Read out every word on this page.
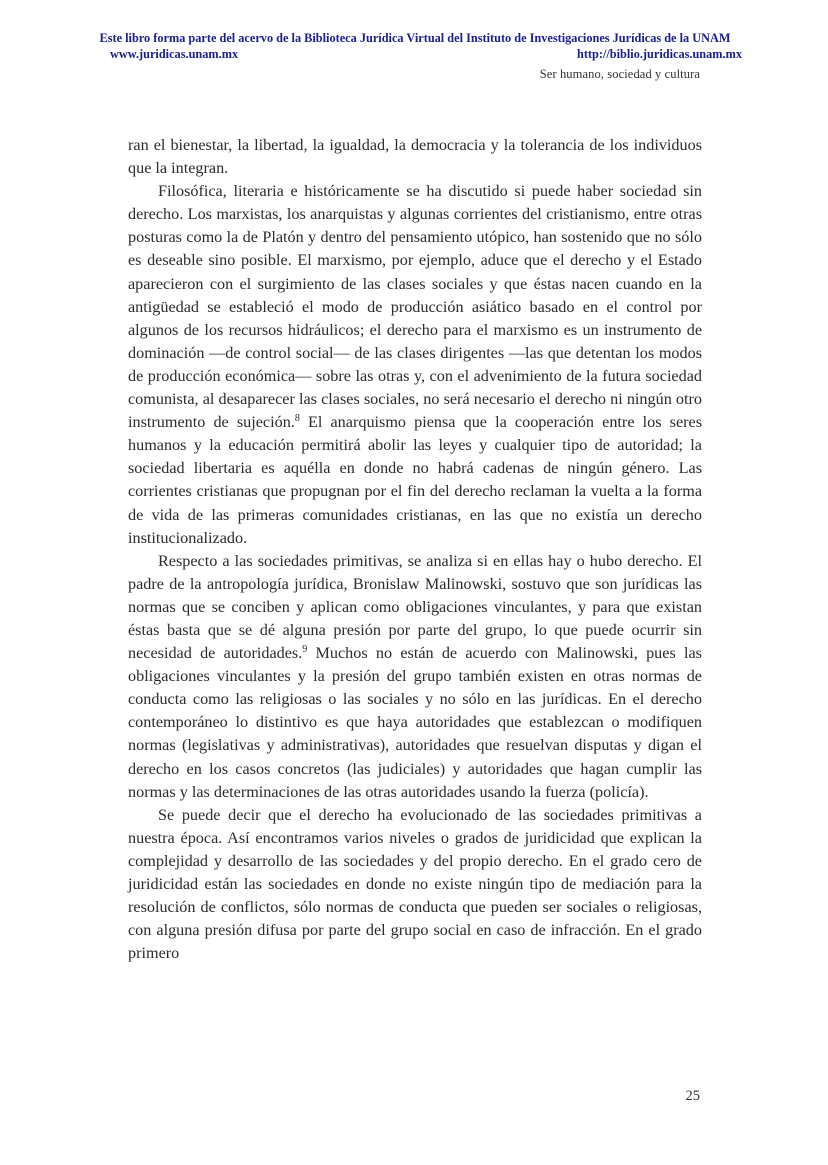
Este libro forma parte del acervo de la Biblioteca Jurídica Virtual del Instituto de Investigaciones Jurídicas de la UNAM
www.juridicas.unam.mx	http://biblio.juridicas.unam.mx
Ser humano, sociedad y cultura

ran el bienestar, la libertad, la igualdad, la democracia y la tolerancia de los individuos que la integran.

Filosófica, literaria e históricamente se ha discutido si puede haber sociedad sin derecho. Los marxistas, los anarquistas y algunas corrientes del cristianismo, entre otras posturas como la de Platón y dentro del pensamiento utópico, han sostenido que no sólo es deseable sino posible. El marxismo, por ejemplo, aduce que el derecho y el Estado aparecieron con el surgimiento de las clases sociales y que éstas nacen cuando en la antigüedad se estableció el modo de producción asiático basado en el control por algunos de los recursos hidráulicos; el derecho para el marxismo es un instrumento de dominación —de control social— de las clases dirigentes —las que detentan los modos de producción económica— sobre las otras y, con el advenimiento de la futura sociedad comunista, al desaparecer las clases sociales, no será necesario el derecho ni ningún otro instrumento de sujeción.$^8$ El anarquismo piensa que la cooperación entre los seres humanos y la educación permitirá abolir las leyes y cualquier tipo de autoridad; la sociedad libertaria es aquélla en donde no habrá cadenas de ningún género. Las corrientes cristianas que propugnan por el fin del derecho reclaman la vuelta a la forma de vida de las primeras comunidades cristianas, en las que no existía un derecho institucionalizado.

Respecto a las sociedades primitivas, se analiza si en ellas hay o hubo derecho. El padre de la antropología jurídica, Bronislaw Malinowski, sostuvo que son jurídicas las normas que se conciben y aplican como obligaciones vinculantes, y para que existan éstas basta que se dé alguna presión por parte del grupo, lo que puede ocurrir sin necesidad de autoridades.$^9$ Muchos no están de acuerdo con Malinowski, pues las obligaciones vinculantes y la presión del grupo también existen en otras normas de conducta como las religiosas o las sociales y no sólo en las jurídicas. En el derecho contemporáneo lo distintivo es que haya autoridades que establezcan o modifiquen normas (legislativas y administrativas), autoridades que resuelvan disputas y digan el derecho en los casos concretos (las judiciales) y autoridades que hagan cumplir las normas y las determinaciones de las otras autoridades usando la fuerza (policía).

Se puede decir que el derecho ha evolucionado de las sociedades primitivas a nuestra época. Así encontramos varios niveles o grados de juridicidad que explican la complejidad y desarrollo de las sociedades y del propio derecho. En el grado cero de juridicidad están las sociedades en donde no existe ningún tipo de mediación para la resolución de conflictos, sólo normas de conducta que pueden ser sociales o religiosas, con alguna presión difusa por parte del grupo social en caso de infracción. En el grado primero

25
